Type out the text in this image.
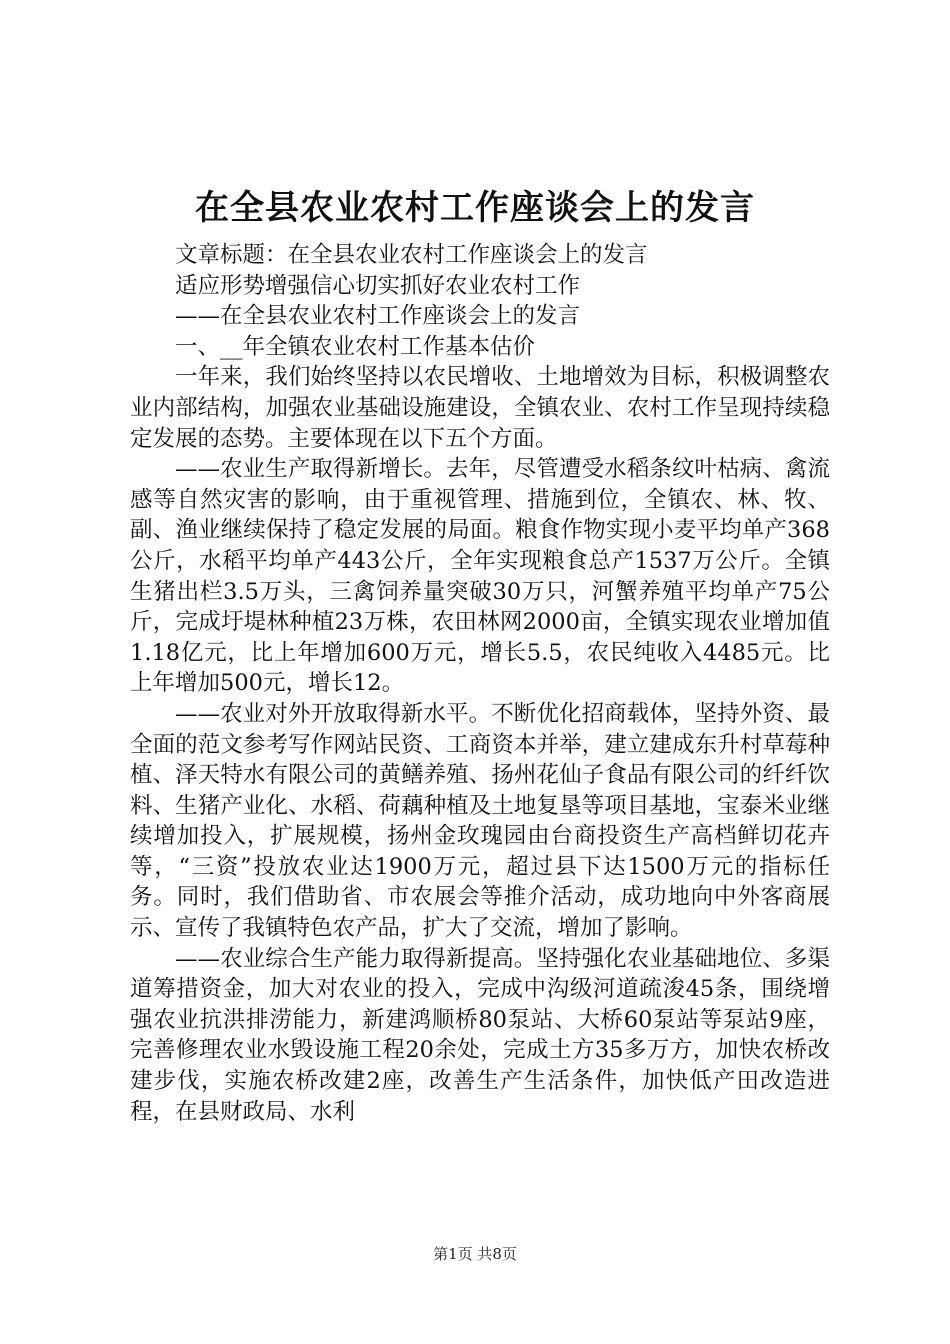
在全县农业农村工作座谈会上的发言

文章标题：在全县农业农村工作座谈会上的发言

适应形势增强信心切实抓好农业农村工作

——在全县农业农村工作座谈会上的发言

一、__年全镇农业农村工作基本估价

一年来，我们始终坚持以农民增收、土地增效为目标，积极调整农业内部结构，加强农业基础设施建设，全镇农业、农村工作呈现持续稳定发展的态势。主要体现在以下五个方面。

——农业生产取得新增长。去年，尽管遭受水稻条纹叶枯病、禽流感等自然灾害的影响，由于重视管理、措施到位，全镇农、林、牧、副、渔业继续保持了稳定发展的局面。粮食作物实现小麦平均单产368公斤，水稻平均单产443公斤，全年实现粮食总产1537万公斤。全镇生猪出栏3.5万头，三禽饲养量突破30万只，河蟹养殖平均单产75公斤，完成圩堤林种植23万株，农田林网2000亩，全镇实现农业增加值1.18亿元，比上年增加600万元，增长5.5，农民纯收入4485元。比上年增加500元，增长12。

——农业对外开放取得新水平。不断优化招商载体，坚持外资、最全面的范文参考写作网站民资、工商资本并举，建立建成东升村草莓种植、泽天特水有限公司的黄鳝养殖、扬州花仙子食品有限公司的纤纤饮料、生猪产业化、水稻、荷藕种植及土地复垦等项目基地，宝泰米业继续增加投入，扩展规模，扬州金玫瑰园由台商投资生产高档鲜切花卉等，“三资”投放农业达1900万元，超过县下达1500万元的指标任务。同时，我们借助省、市农展会等推介活动，成功地向中外客商展示、宣传了我镇特色农产品，扩大了交流，增加了影响。

——农业综合生产能力取得新提高。坚持强化农业基础地位、多渠道筹措资金，加大对农业的投入，完成中沟级河道疏浚45条，围绕增强农业抗洪排涝能力，新建鸿顺桥80泵站、大桥60泵站等泵站9座，完善修理农业水毁设施工程20余处，完成土方35多万方，加快农桥改建步伐，实施农桥改建2座，改善生产生活条件，加快低产田改造进程，在县财政局、水利

第1页 共8页
